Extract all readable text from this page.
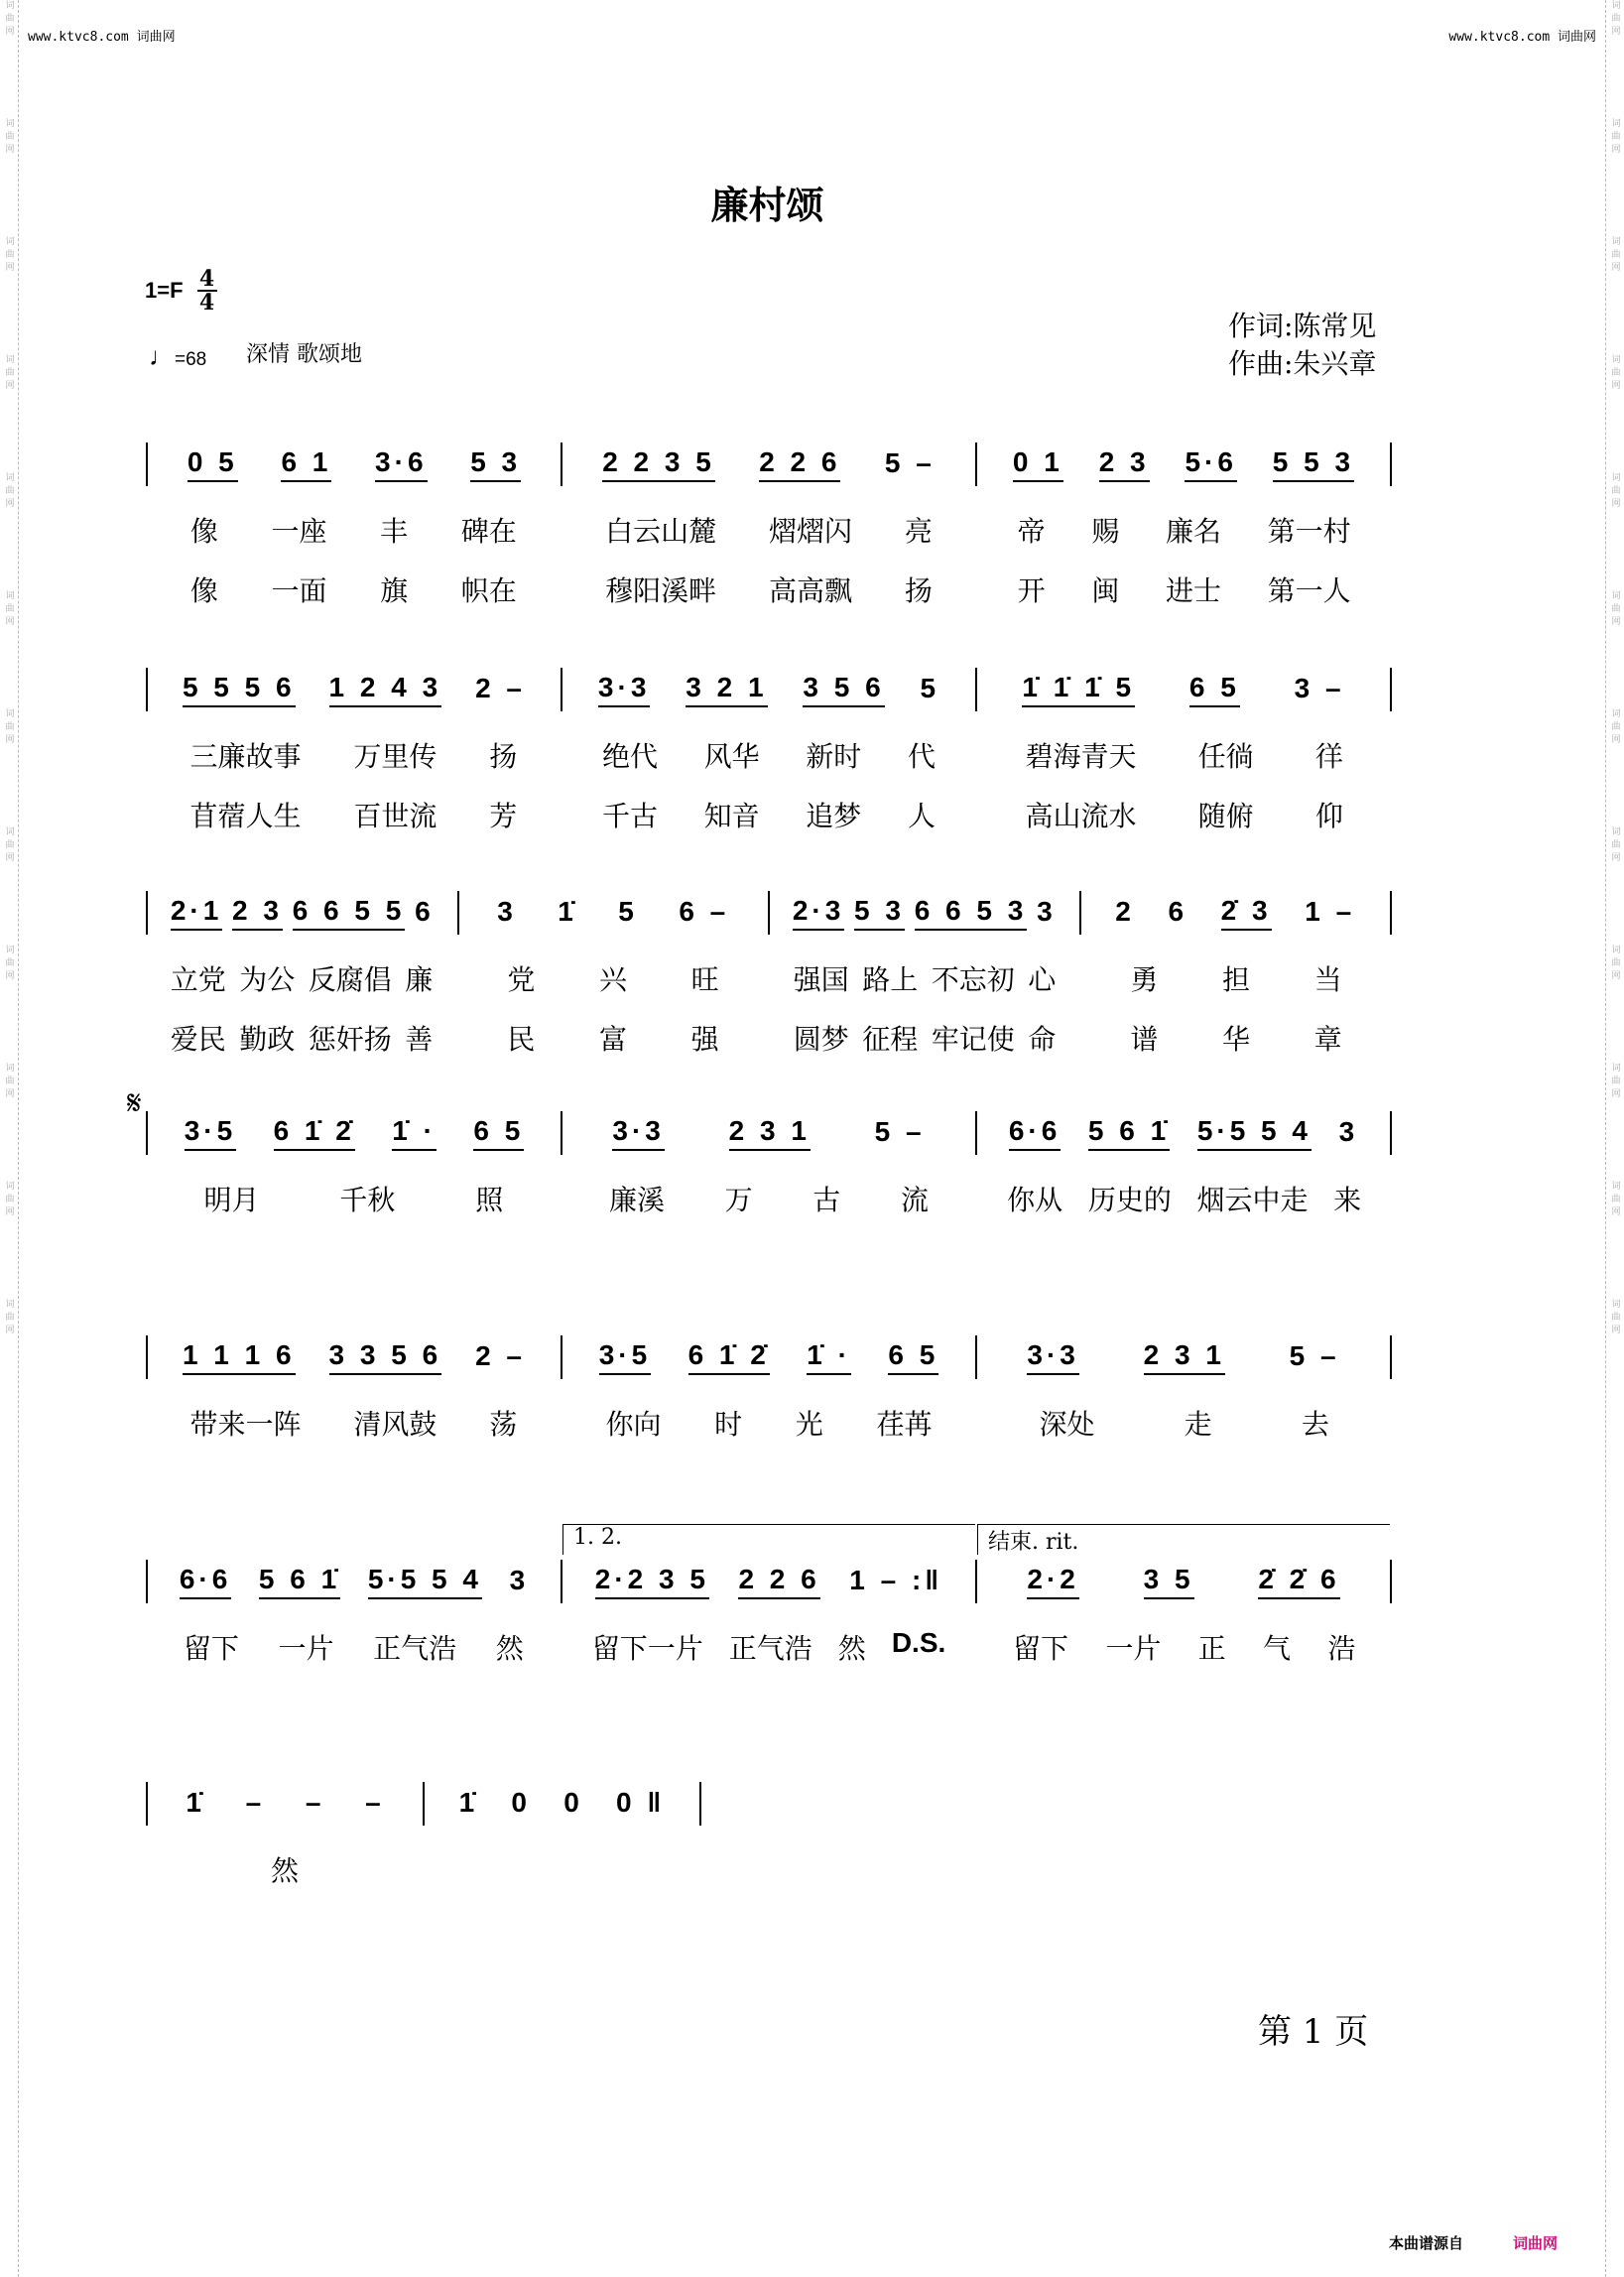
词曲网
词曲网
词曲网
词曲网
词曲网
词曲网
词曲网
词曲网
词曲网
词曲网
词曲网
词曲网
词曲网
词曲网
词曲网
词曲网
词曲网
词曲网
词曲网
词曲网
词曲网
词曲网
词曲网
词曲网
www.ktvc8.com 词曲网	www.ktvc8.com 词曲网
廉村颂
$1=F \frac{4}{4}$
♩=68 深情 歌颂地
作词:陈常见
作曲:朱兴章
𝄋
0 5 6 1 3·6 5 3	2 2 3 5 2 2 6 5 –	0 1 2 3 5·6 5 5 3
像 一座 丰 碑在	白云山麓 熠熠闪 亮	帝 赐 廉名 第一村
像 一面 旗 帜在	穆阳溪畔 高高飘 扬	开 闽 进士 第一人
5 5 5 6 1 2 4 3 2 –	3·3 3 2 1 3 5 6 5	1̇ 1̇ 1̇ 5 6 5 3 –
三廉故事 万里传 扬	绝代 风华 新时 代	碧海青天 任徜 徉
苜蓿人生 百世流 芳	千古 知音 追梦 人	高山流水 随俯 仰
2·1 2 3 6 6 5 5 6 3 1̇ 5 6 – 2·3 5 3 6 6 5 3 3 2 6 2̇ 3 1 –
立党 为公 反腐倡 廉	党 兴 旺	强国 路上 不忘初 心	勇 担 当
爱民 勤政 惩奸扬 善	民 富 强	圆梦 征程 牢记使 命	谱 华 章
3·5 6 1̇ 2̇ 1̇ · 6 5	3·3 2 3 1 5 –	6·6 5 6 1̇ 5·5 5 4 3
明月	千秋	照	廉溪 万 古 流	你从 历史的 烟云中走 来
1 1 1 6 3 3 5 6 2 –	3·5 6 1̇ 2̇ 1̇ · 6 5	3·3 2 3 1 5 –
带来一阵 清风鼓 荡	你向 时 光 荏苒	深处	走	去
6·6 5 6 1̇ 5·5 5 4 3
1. 2.
2·2 3 5 2 2 6 1 – :‖
结束. rit.
2·2 3 5 2̇ 2̇ 6
留下 一片 正气浩 然 留下一片 正气浩 然 D.S. 留下 一片 正 气 浩
1̇ – – –	1̇ 0 0 0 ‖
然
第 1 页
本曲谱源自	词曲网
